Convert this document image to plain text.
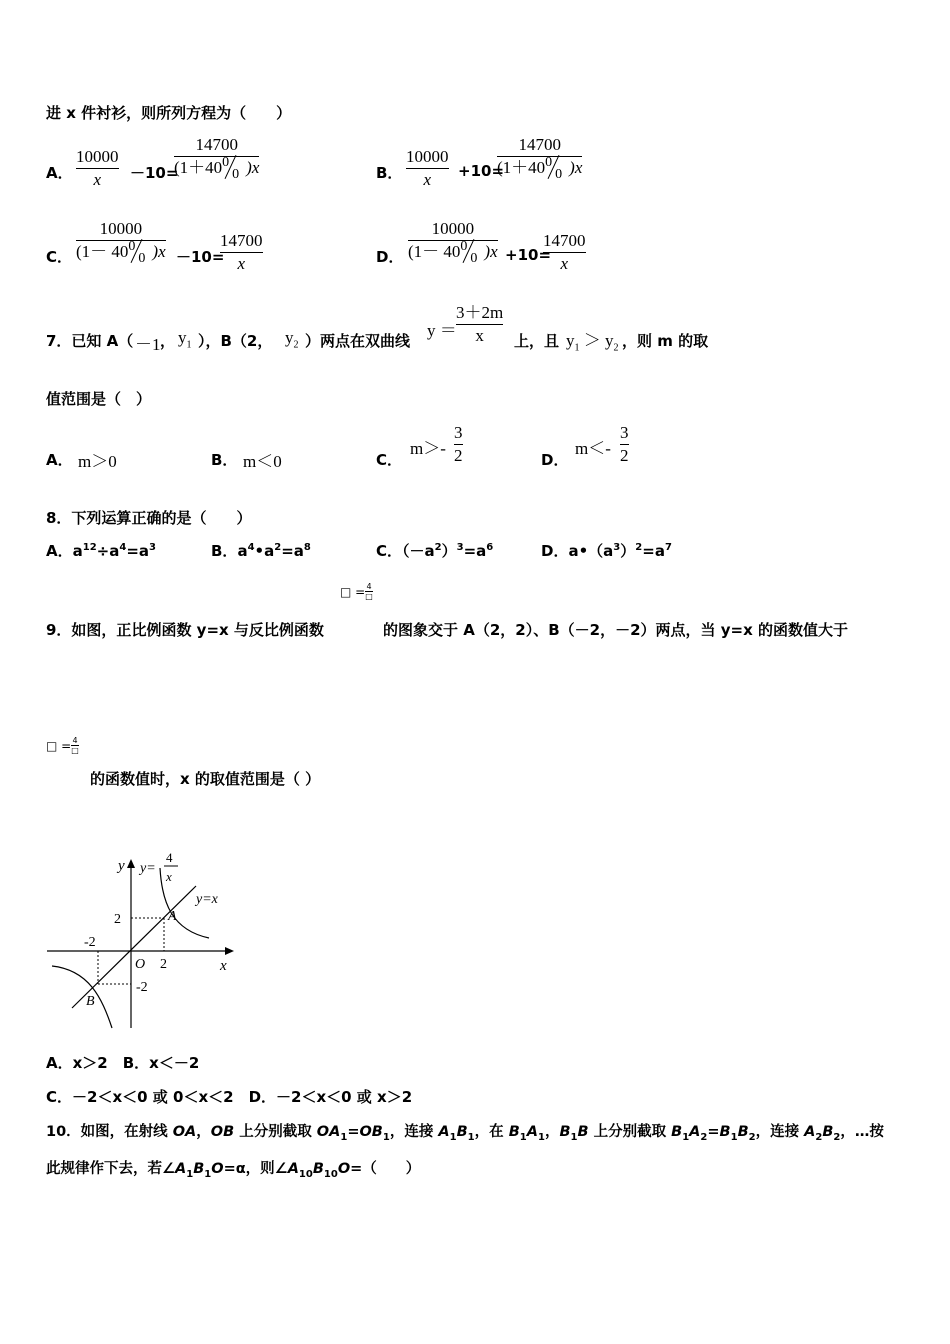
进 x 件衬衫，则所列方程为（　　）
A．
10000
x －10=
14700
(1＋40 0
0 )x	B．
10000
x +10=
14700
(1＋40 0
0 )x
C．
10000
(1－ 40 0
0 )x －10=
14700
x	D．
10000
(1－ 40 0
0 )x +10=
14700
x
7．已知 A（ －1 ， $y_1$ ），B（2， $y_2$ ）两点在双曲线
y ＝
3＋2m
x 上，且 $y_1 > y_2$ ，则 m 的取
值范围是（　）
A． m＞0	B． m＜0	C．
m＞-
3
2	D．
m＜-
3
2
8．下列运算正确的是（　　）
A．$a^{12}\div a^4=a^3$	B．$a^4•a^2=a^8$	C．$(-a^2)^3=a^6$	D．$a•(a^3)^2=a^7$
□ = 4
□
9．如图，正比例函数 y=x 与反比例函数	的图象交于 A（2，2）、B（－2，－2）两点，当 y=x 的函数值大于
□ = 4
□
的函数值时，x 的取值范围是（ ）
y
x
O
y=
4
x
y=x
2
2
-2
-2
A
B
A．x＞2　 B．x＜－2
C．－2＜x＜0 或 0＜x＜2　 D．－2＜x＜0 或 x＞2
10．如图，在射线 OA，OB 上分别截取 $OA_1=OB_1$，连接 $A_1B_1$，在 $B_1A_1$，$B_1B$ 上分别截取 $B_1A_2=B_1B_2$，连接 $A_2B_2$，…按
此规律作下去，若$\angle A_1B_1O=\alpha$，则$\angle A_{10}B_{10}O=$（　　）
